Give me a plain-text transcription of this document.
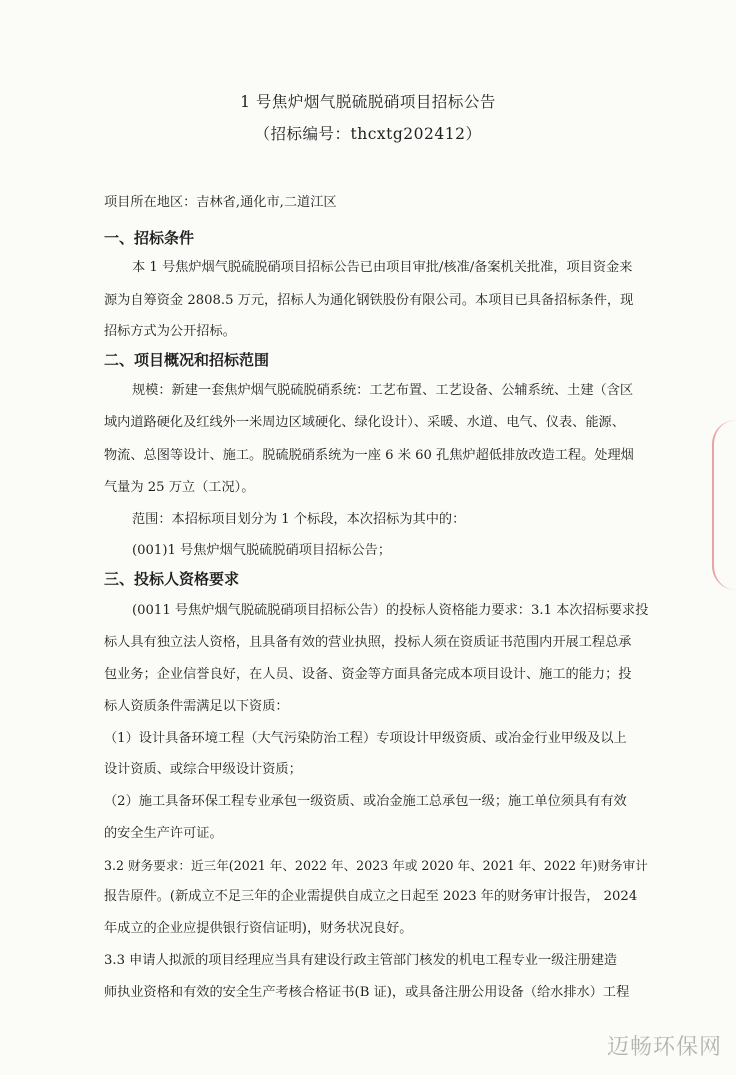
1 号焦炉烟气脱硫脱硝项目招标公告
（招标编号：thcxtg202412）
项目所在地区：吉林省,通化市,二道江区
一、招标条件
本 1 号焦炉烟气脱硫脱硝项目招标公告已由项目审批/核准/备案机关批准，项目资金来
源为自筹资金 2808.5 万元，招标人为通化钢铁股份有限公司。本项目已具备招标条件，现
招标方式为公开招标。
二、项目概况和招标范围
规模：新建一套焦炉烟气脱硫脱硝系统：工艺布置、工艺设备、公辅系统、土建（含区
域内道路硬化及红线外一米周边区域硬化、绿化设计）、采暖、水道、电气、仪表、能源、
物流、总图等设计、施工。脱硫脱硝系统为一座 6 米 60 孔焦炉超低排放改造工程。处理烟
气量为 25 万立（工况）。
范围：本招标项目划分为 1 个标段，本次招标为其中的：
(001)1 号焦炉烟气脱硫脱硝项目招标公告；
三、投标人资格要求
(0011 号焦炉烟气脱硫脱硝项目招标公告）的投标人资格能力要求：3.1 本次招标要求投
标人具有独立法人资格，且具备有效的营业执照，投标人须在资质证书范围内开展工程总承
包业务；企业信誉良好，在人员、设备、资金等方面具备完成本项目设计、施工的能力；投
标人资质条件需满足以下资质：
（1）设计具备环境工程（大气污染防治工程）专项设计甲级资质、或冶金行业甲级及以上
设计资质、或综合甲级设计资质；
（2）施工具备环保工程专业承包一级资质、或冶金施工总承包一级；施工单位须具有有效
的安全生产许可证。
3.2 财务要求：近三年(2021 年、2022 年、2023 年或 2020 年、2021 年、2022 年)财务审计
报告原件。(新成立不足三年的企业需提供自成立之日起至 2023 年的财务审计报告， 2024
年成立的企业应提供银行资信证明)，财务状况良好。
3.3 申请人拟派的项目经理应当具有建设行政主管部门核发的机电工程专业一级注册建造
师执业资格和有效的安全生产考核合格证书(B 证)，或具备注册公用设备（给水排水）工程
迈畅环保网
